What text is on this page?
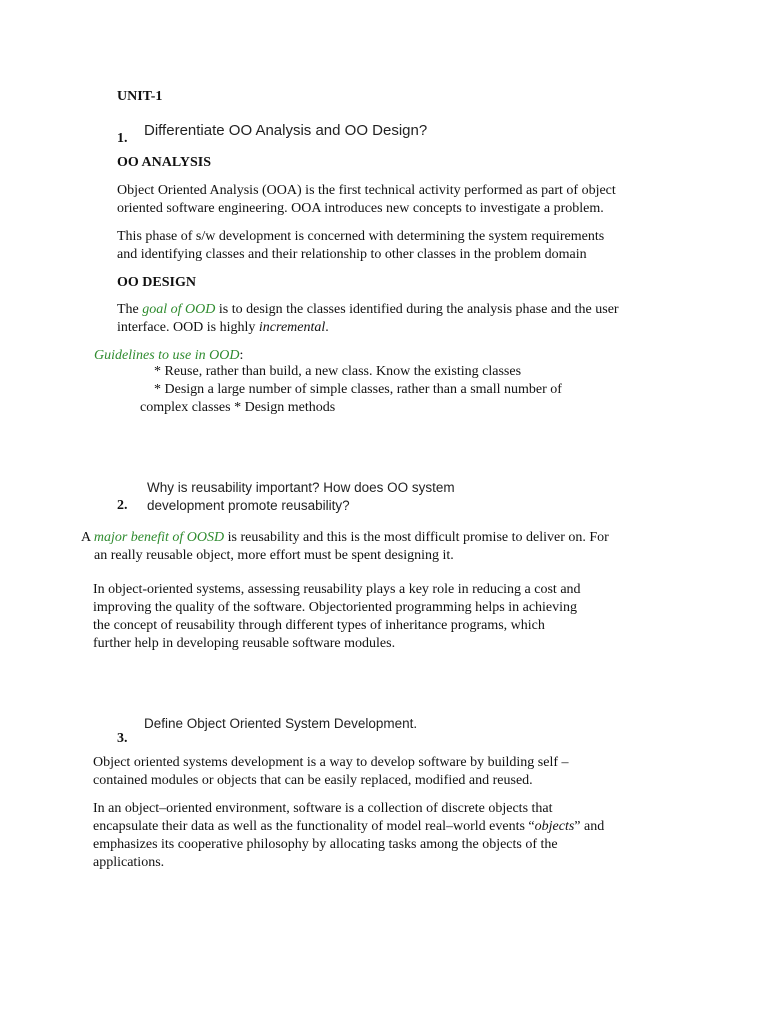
UNIT-1
1. Differentiate OO Analysis and OO Design?
OO ANALYSIS
Object Oriented Analysis (OOA) is the first technical activity performed as part of object
oriented software engineering. OOA introduces new concepts to investigate a problem.
This phase of s/w development is concerned with determining the system requirements
and identifying classes and their relationship to other classes in the problem domain
OO DESIGN
The goal of OOD is to design the classes identified during the analysis phase and the user
interface. OOD is highly incremental.
Guidelines to use in OOD:
* Reuse, rather than build, a new class. Know the existing classes
* Design a large number of simple classes, rather than a small number of
complex classes * Design methods
Why is reusability important? How does OO system
development promote reusability?
2.
A major benefit of OOSD is reusability and this is the most difficult promise to deliver on. For
an really reusable object, more effort must be spent designing it.
In object-oriented systems, assessing reusability plays a key role in reducing a cost and
improving the quality of the software. Objectoriented programming helps in achieving
the concept of reusability through different types of inheritance programs, which
further help in developing reusable software modules.
Define Object Oriented System Development.
3.
Object oriented systems development is a way to develop software by building self –
contained modules or objects that can be easily replaced, modified and reused.
In an object–oriented environment, software is a collection of discrete objects that
encapsulate their data as well as the functionality of model real–world events “objects” and
emphasizes its cooperative philosophy by allocating tasks among the objects of the
applications.
